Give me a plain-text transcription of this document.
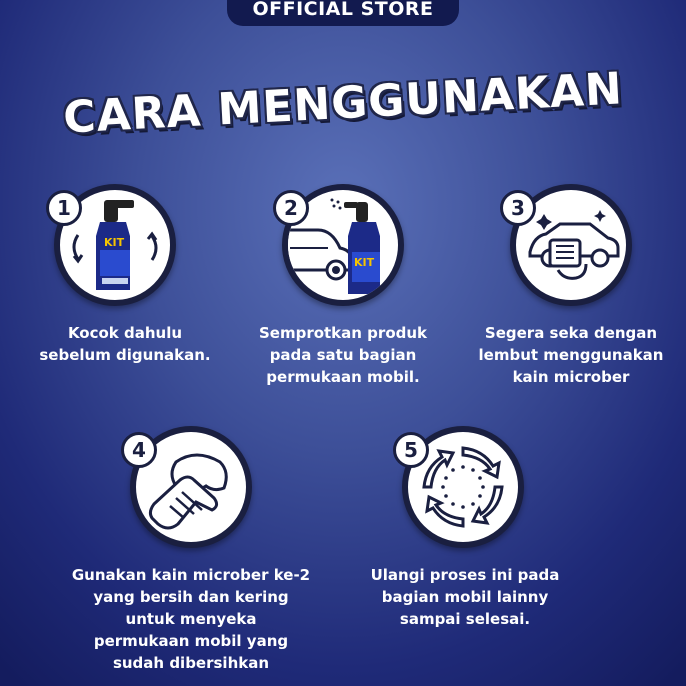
OFFICIAL STORE
CARA MENGGUNAKAN
KIT
1
Kocok dahulu
sebelum digunakan.
KIT
2
Semprotkan produk
pada satu bagian
permukaan mobil.
3
Segera seka dengan
lembut menggunakan
kain microber
4
Gunakan kain microber ke-2
yang bersih dan kering
untuk menyeka
permukaan mobil yang
sudah dibersihkan
5
Ulangi proses ini pada
bagian mobil lainny
sampai selesai.
